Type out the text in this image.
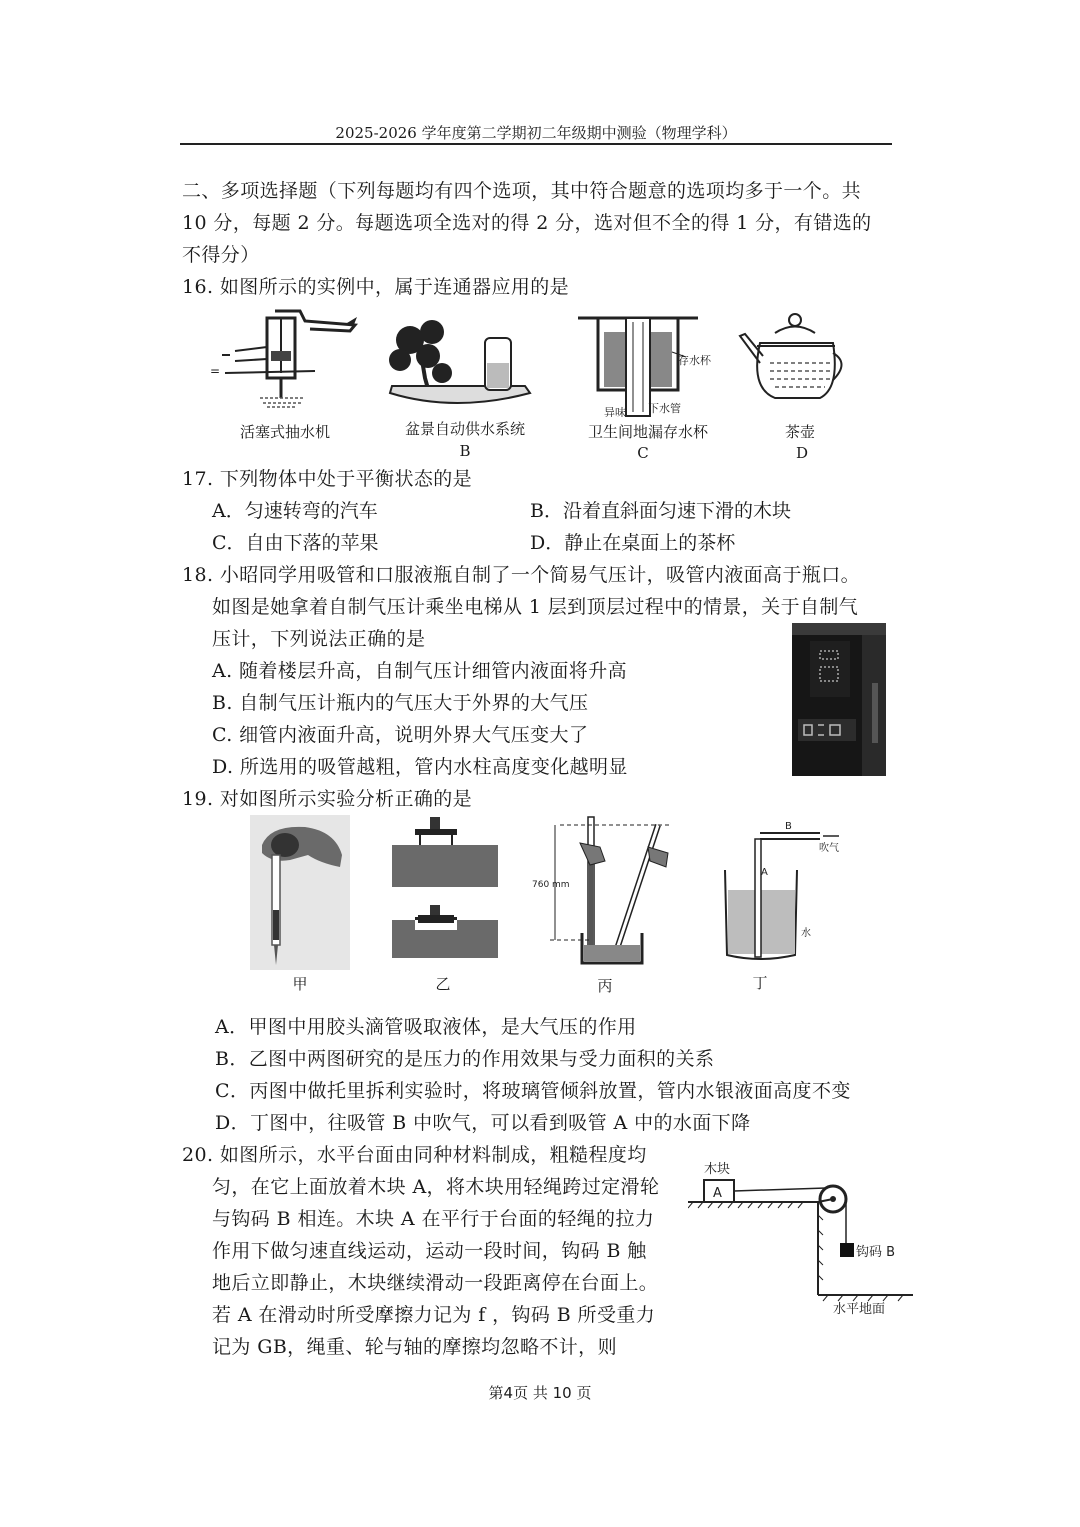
2025-2026 学年度第二学期初二年级期中测验（物理学科）
二、多项选择题（下列每题均有四个选项，其中符合题意的选项均多于一个。共
10 分，每题 2 分。每题选项全选对的得 2 分，选对但不全的得 1 分，有错选的
不得分）
16. 如图所示的实例中，属于连通器应用的是
=
活塞式抽水机	盆景自动供水系统
B
存水杯
下水管
异味
卫生间地漏存水杯
C
茶壶
D
17. 下列物体中处于平衡状态的是
A．匀速转弯的汽车	B．沿着直斜面匀速下滑的木块
C．自由下落的苹果	D．静止在桌面上的茶杯
18. 小昭同学用吸管和口服液瓶自制了一个简易气压计，吸管内液面高于瓶口。
如图是她拿着自制气压计乘坐电梯从 1 层到顶层过程中的情景，关于自制气
压计，下列说法正确的是
A. 随着楼层升高，自制气压计细管内液面将升高
B. 自制气压计瓶内的气压大于外界的大气压
C. 细管内液面升高，说明外界大气压变大了
D. 所选用的吸管越粗，管内水柱高度变化越明显
19. 对如图所示实验分析正确的是
甲	乙
760 mm
丙
B
吹气
A
水
丁
A．甲图中用胶头滴管吸取液体，是大气压的作用
B．乙图中两图研究的是压力的作用效果与受力面积的关系
C．丙图中做托里拆利实验时，将玻璃管倾斜放置，管内水银液面高度不变
D．丁图中，往吸管 B 中吹气，可以看到吸管 A 中的水面下降
20. 如图所示，水平台面由同种材料制成，粗糙程度均
匀，在它上面放着木块 A，将木块用轻绳跨过定滑轮
与钩码 B 相连。木块 A 在平行于台面的轻绳的拉力
作用下做匀速直线运动，运动一段时间，钩码 B 触
地后立即静止，木块继续滑动一段距离停在台面上。
若 A 在滑动时所受摩擦力记为 f ，钩码 B 所受重力
记为 GB，绳重、轮与轴的摩擦均忽略不计，则
木块
A
钩码 B
水平地面
第4页 共 10 页
